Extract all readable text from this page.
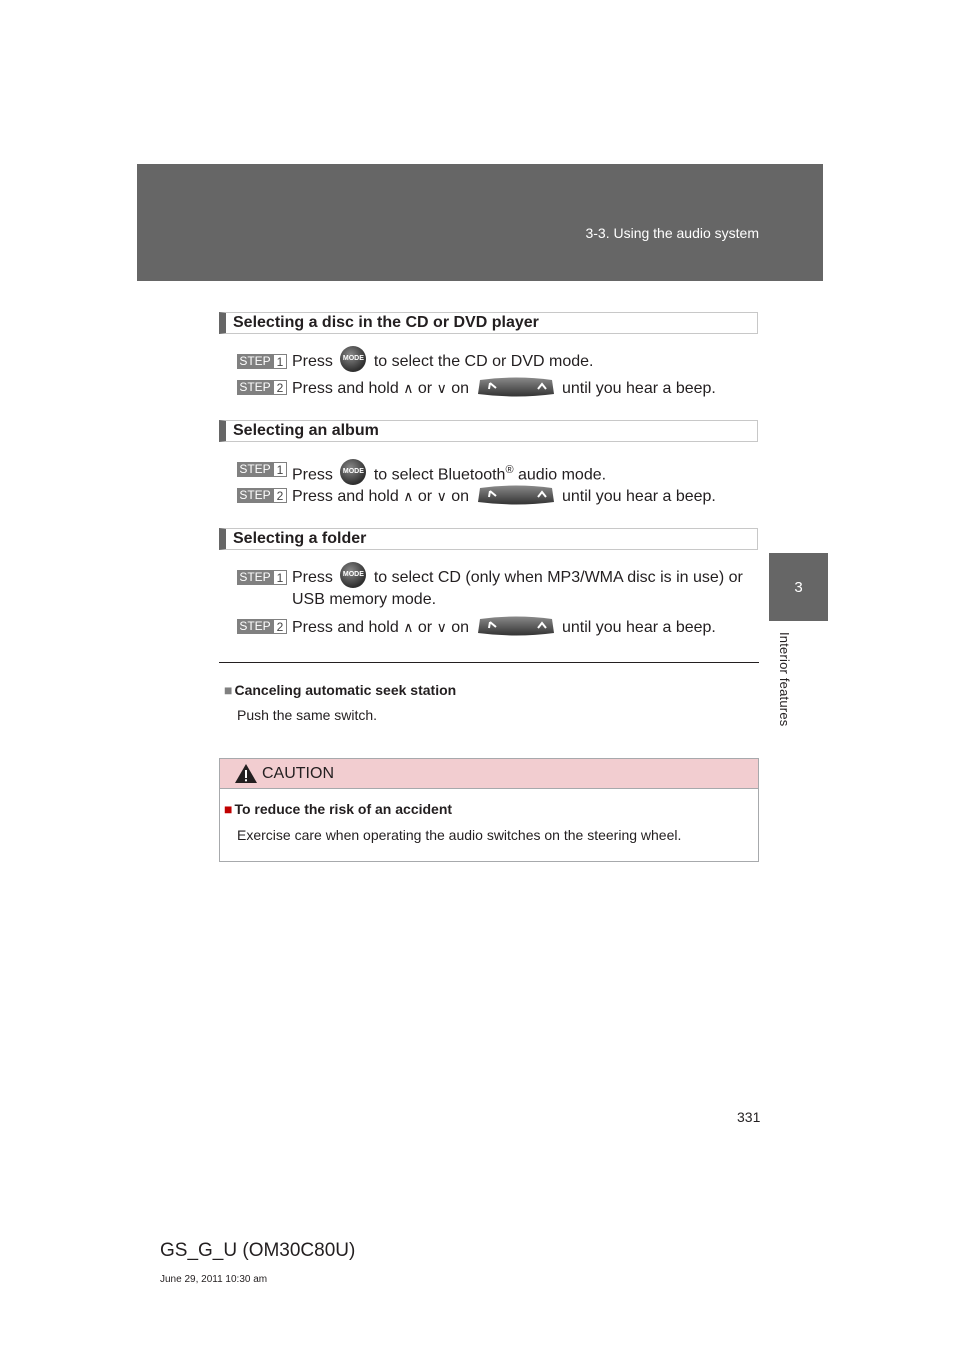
3-3. Using the audio system
3
Interior features
Selecting a disc in the CD or DVD player
STEP 1 Press MODE to select the CD or DVD mode.
STEP 2 Press and hold ∧ or ∨ on	until you hear a beep.
Selecting an album
STEP 1 Press MODE to select Bluetooth® audio mode.
STEP 2 Press and hold ∧ or ∨ on	until you hear a beep.
Selecting a folder
STEP 1 Press MODE to select CD (only when MP3/WMA disc is in use) or
USB memory mode.
STEP 2 Press and hold ∧ or ∨ on	until you hear a beep.
■ Canceling automatic seek station
Push the same switch.
CAUTION
■ To reduce the risk of an accident
Exercise care when operating the audio switches on the steering wheel.
331
GS_G_U (OM30C80U)
June 29, 2011 10:30 am
